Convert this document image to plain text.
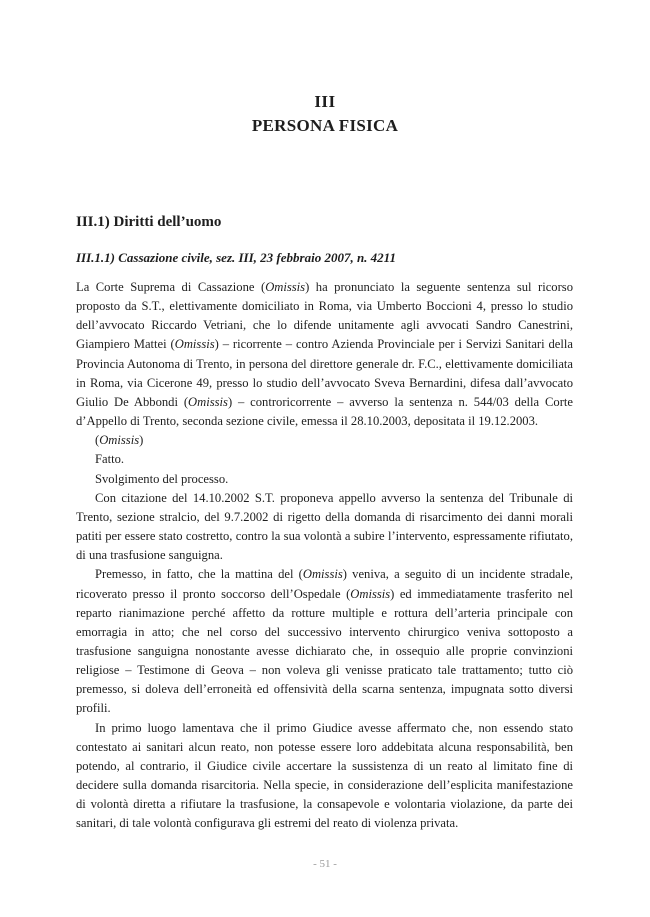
III
PERSONA FISICA
III.1) Diritti dell’uomo
III.1.1) Cassazione civile, sez. III, 23 febbraio 2007, n. 4211

La Corte Suprema di Cassazione (Omissis) ha pronunciato la seguente sentenza sul ricorso proposto da S.T., elettivamente domiciliato in Roma, via Umberto Boccioni 4, presso lo studio dell’avvocato Riccardo Vetriani, che lo difende unitamente agli avvocati Sandro Canestrini, Giampiero Mattei (Omissis) – ricorrente – contro Azienda Provinciale per i Servizi Sanitari della Provincia Autonoma di Trento, in persona del direttore generale dr. F.C., elettivamente domiciliata in Roma, via Cicerone 49, presso lo studio dell’avvocato Sveva Bernardini, difesa dall’avvocato Giulio De Abbondi (Omissis) – controricorrente – avverso la sentenza n. 544/03 della Corte d’Appello di Trento, seconda sezione civile, emessa il 28.10.2003, depositata il 19.12.2003.

(Omissis)

Fatto.

Svolgimento del processo.

Con citazione del 14.10.2002 S.T. proponeva appello avverso la sentenza del Tribunale di Trento, sezione stralcio, del 9.7.2002 di rigetto della domanda di risarcimento dei danni morali patiti per essere stato costretto, contro la sua volontà a subire l’intervento, espressamente rifiutato, di una trasfusione sanguigna.

Premesso, in fatto, che la mattina del (Omissis) veniva, a seguito di un incidente stradale, ricoverato presso il pronto soccorso dell’Ospedale (Omissis) ed immediatamente trasferito nel reparto rianimazione perché affetto da rotture multiple e rottura dell’arteria principale con emorragia in atto; che nel corso del successivo intervento chirurgico veniva sottoposto a trasfusione sanguigna nonostante avesse dichiarato che, in ossequio alle proprie convinzioni religiose – Testimone di Geova – non voleva gli venisse praticato tale trattamento; tutto ciò premesso, si doleva dell’erroneità ed offensività della scarna sentenza, impugnata sotto diversi profili.

In primo luogo lamentava che il primo Giudice avesse affermato che, non essendo stato contestato ai sanitari alcun reato, non potesse essere loro addebitata alcuna responsabilità, ben potendo, al contrario, il Giudice civile accertare la sussistenza di un reato al limitato fine di decidere sulla domanda risarcitoria. Nella specie, in considerazione dell’esplicita manifestazione di volontà diretta a rifiutare la trasfusione, la consapevole e volontaria violazione, da parte dei sanitari, di tale volontà configurava gli estremi del reato di violenza privata.

- 51 -
